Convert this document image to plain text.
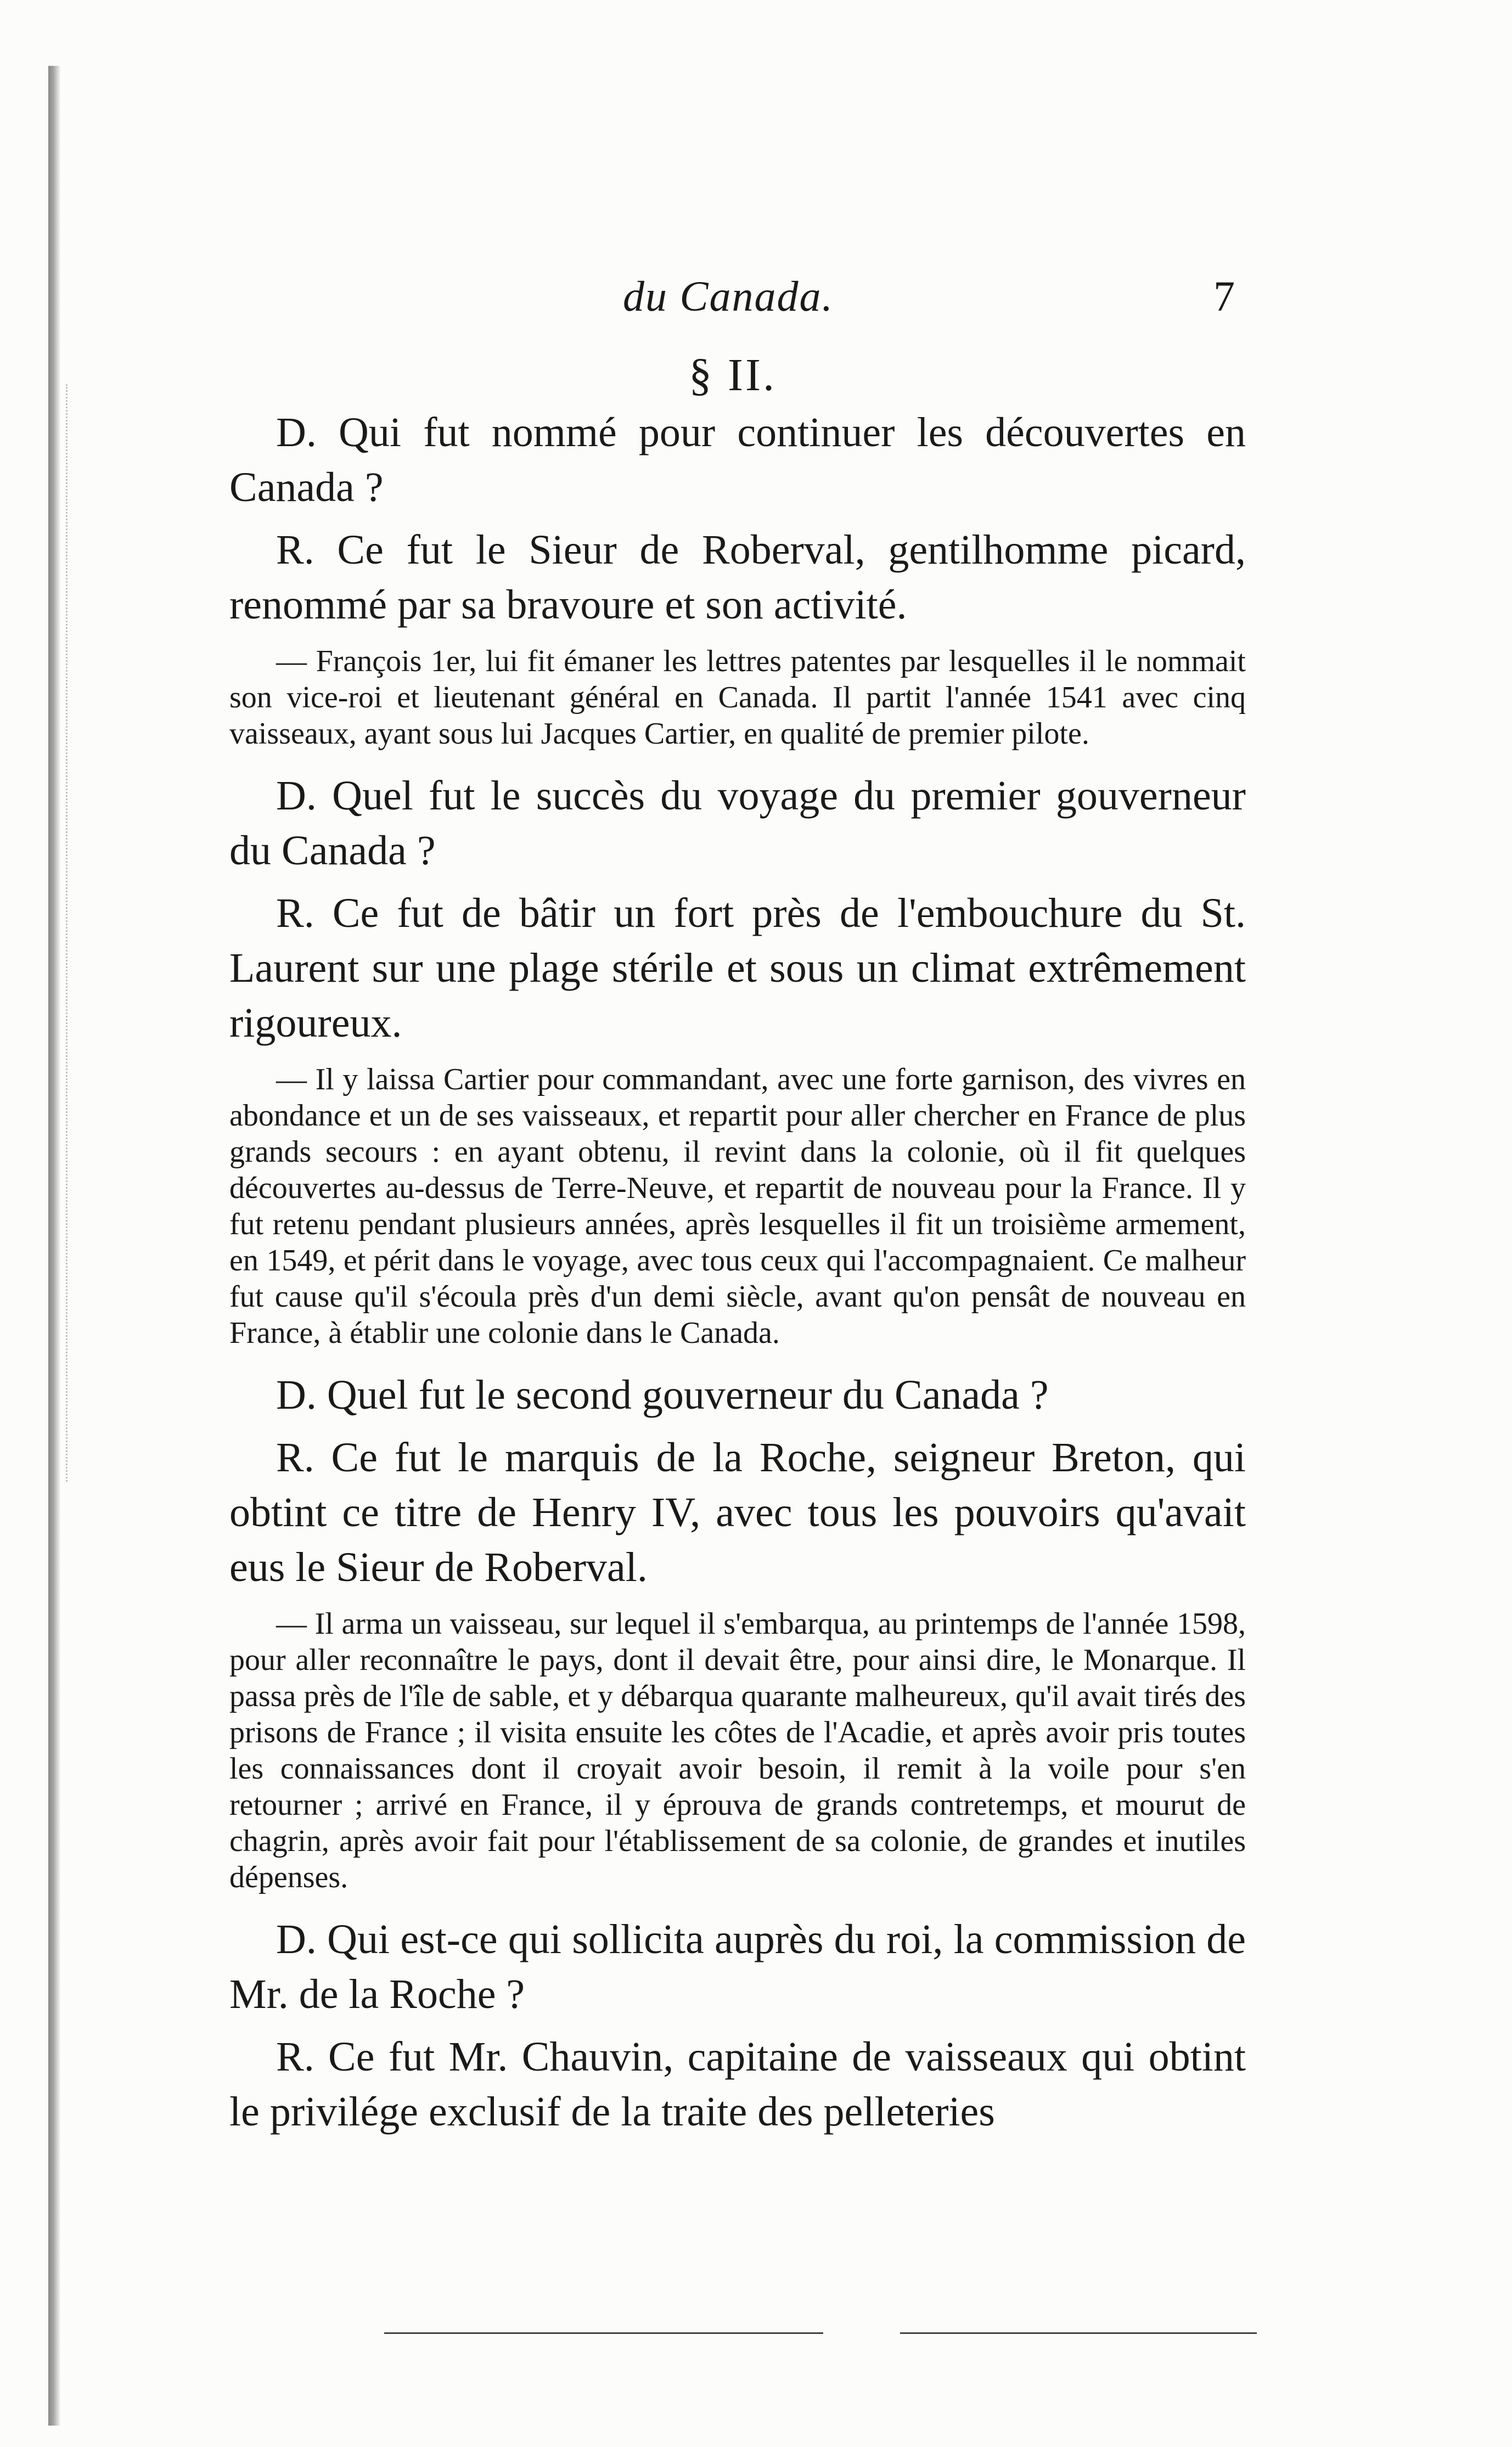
du Canada.	7
§ II.

D. Qui fut nommé pour continuer les découvertes en Canada ?

R. Ce fut le Sieur de Roberval, gentilhomme picard, renommé par sa bravoure et son activité.

— François 1er, lui fit émaner les lettres patentes par lesquelles il le nommait son vice-roi et lieutenant général en Canada. Il partit l'année 1541 avec cinq vaisseaux, ayant sous lui Jacques Cartier, en qualité de premier pilote.

D. Quel fut le succès du voyage du premier gouverneur du Canada ?

R. Ce fut de bâtir un fort près de l'embouchure du St. Laurent sur une plage stérile et sous un climat extrêmement rigoureux.

— Il y laissa Cartier pour commandant, avec une forte garnison, des vivres en abondance et un de ses vaisseaux, et repartit pour aller chercher en France de plus grands secours : en ayant obtenu, il revint dans la colonie, où il fit quelques découvertes au-dessus de Terre-Neuve, et repartit de nouveau pour la France. Il y fut retenu pendant plusieurs années, après lesquelles il fit un troisième armement, en 1549, et périt dans le voyage, avec tous ceux qui l'accompagnaient. Ce malheur fut cause qu'il s'écoula près d'un demi siècle, avant qu'on pensât de nouveau en France, à établir une colonie dans le Canada.

D. Quel fut le second gouverneur du Canada ?

R. Ce fut le marquis de la Roche, seigneur Breton, qui obtint ce titre de Henry IV, avec tous les pouvoirs qu'avait eus le Sieur de Roberval.

— Il arma un vaisseau, sur lequel il s'embarqua, au printemps de l'année 1598, pour aller reconnaître le pays, dont il devait être, pour ainsi dire, le Monarque. Il passa près de l'île de sable, et y débarqua quarante malheureux, qu'il avait tirés des prisons de France ; il visita ensuite les côtes de l'Acadie, et après avoir pris toutes les connaissances dont il croyait avoir besoin, il remit à la voile pour s'en retourner ; arrivé en France, il y éprouva de grands contretemps, et mourut de chagrin, après avoir fait pour l'établissement de sa colonie, de grandes et inutiles dépenses.

D. Qui est-ce qui sollicita auprès du roi, la commission de Mr. de la Roche ?

R. Ce fut Mr. Chauvin, capitaine de vaisseaux qui obtint le privilége exclusif de la traite des pelleteries
